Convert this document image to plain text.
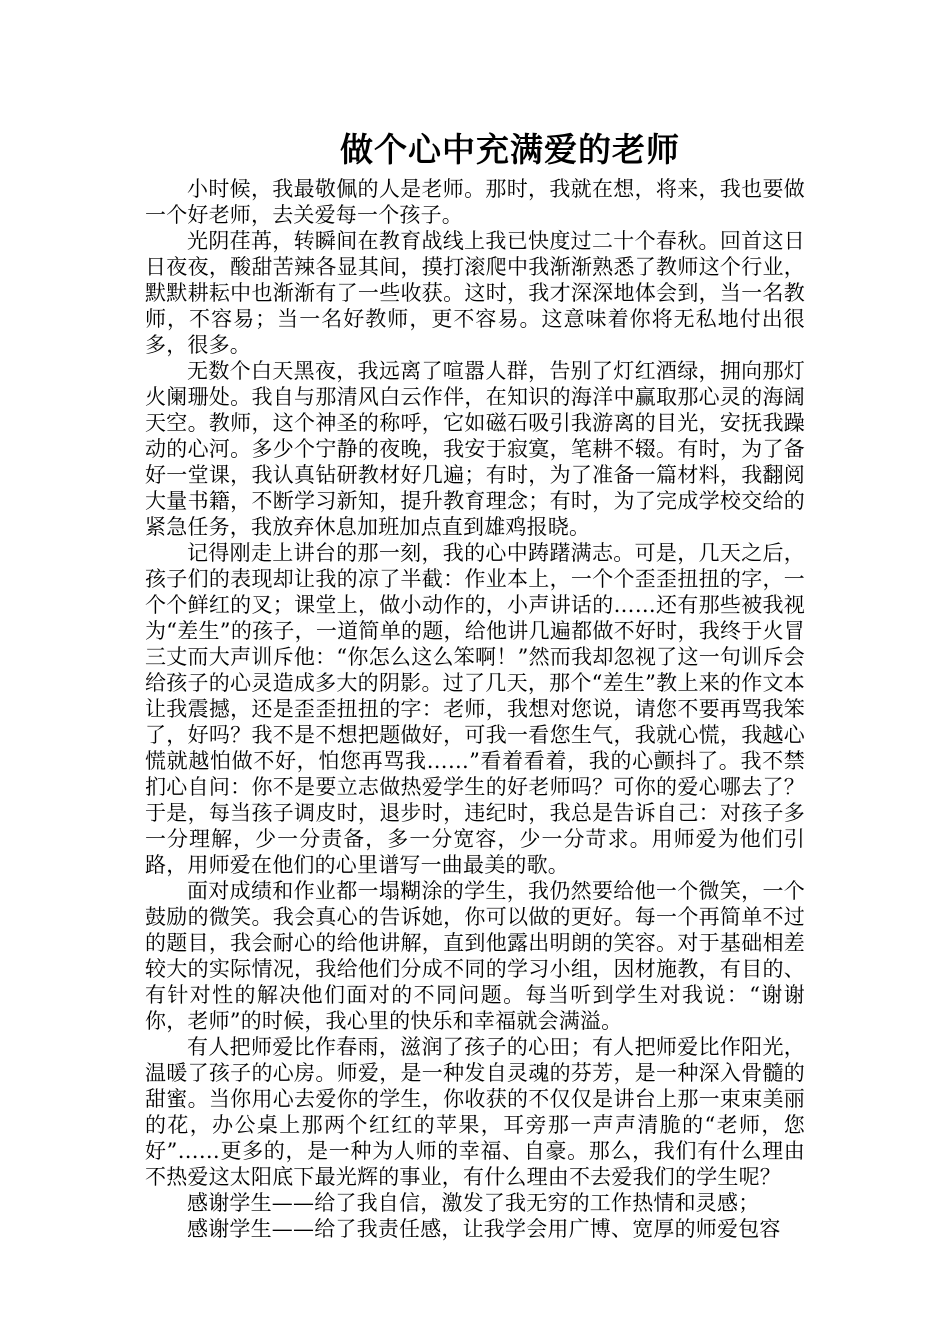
做个心中充满爱的老师

小时候，我最敬佩的人是老师。那时，我就在想，将来，我也要做一个好老师，去关爱每一个孩子。

光阴荏苒，转瞬间在教育战线上我已快度过二十个春秋。回首这日日夜夜，酸甜苦辣各显其间，摸打滚爬中我渐渐熟悉了教师这个行业，默默耕耘中也渐渐有了一些收获。这时，我才深深地体会到，当一名教师，不容易；当一名好教师，更不容易。这意味着你将无私地付出很多，很多。

无数个白天黑夜，我远离了喧嚣人群，告别了灯红酒绿，拥向那灯火阑珊处。我自与那清风白云作伴，在知识的海洋中赢取那心灵的海阔天空。教师，这个神圣的称呼，它如磁石吸引我游离的目光，安抚我躁动的心河。多少个宁静的夜晚，我安于寂寞，笔耕不辍。有时，为了备好一堂课，我认真钻研教材好几遍；有时，为了准备一篇材料，我翻阅大量书籍，不断学习新知，提升教育理念；有时，为了完成学校交给的紧急任务，我放弃休息加班加点直到雄鸡报晓。

记得刚走上讲台的那一刻，我的心中踌躇满志。可是，几天之后，孩子们的表现却让我的凉了半截：作业本上，一个个歪歪扭扭的字，一个个鲜红的叉；课堂上，做小动作的，小声讲话的……还有那些被我视为“差生”的孩子，一道简单的题，给他讲几遍都做不好时，我终于火冒三丈而大声训斥他：“你怎么这么笨啊！”然而我却忽视了这一句训斥会给孩子的心灵造成多大的阴影。过了几天，那个“差生”教上来的作文本让我震撼，还是歪歪扭扭的字：老师，我想对您说，请您不要再骂我笨了，好吗？我不是不想把题做好，可我一看您生气，我就心慌，我越心慌就越怕做不好，怕您再骂我……”看着看着，我的心颤抖了。我不禁扪心自问：你不是要立志做热爱学生的好老师吗？可你的爱心哪去了？于是，每当孩子调皮时，退步时，违纪时，我总是告诉自己：对孩子多一分理解，少一分责备，多一分宽容，少一分苛求。用师爱为他们引路，用师爱在他们的心里谱写一曲最美的歌。

面对成绩和作业都一塌糊涂的学生，我仍然要给他一个微笑，一个鼓励的微笑。我会真心的告诉她，你可以做的更好。每一个再简单不过的题目，我会耐心的给他讲解，直到他露出明朗的笑容。对于基础相差较大的实际情况，我给他们分成不同的学习小组，因材施教，有目的、有针对性的解决他们面对的不同问题。每当听到学生对我说：“谢谢你，老师”的时候，我心里的快乐和幸福就会满溢。

有人把师爱比作春雨，滋润了孩子的心田；有人把师爱比作阳光，温暖了孩子的心房。师爱，是一种发自灵魂的芬芳，是一种深入骨髓的甜蜜。当你用心去爱你的学生，你收获的不仅仅是讲台上那一束束美丽的花，办公桌上那两个红红的苹果，耳旁那一声声清脆的“老师，您好”……更多的，是一种为人师的幸福、自豪。那么，我们有什么理由不热爱这太阳底下最光辉的事业，有什么理由不去爱我们的学生呢？

感谢学生——给了我自信，激发了我无穷的工作热情和灵感；

感谢学生——给了我责任感，让我学会用广博、宽厚的师爱包容
